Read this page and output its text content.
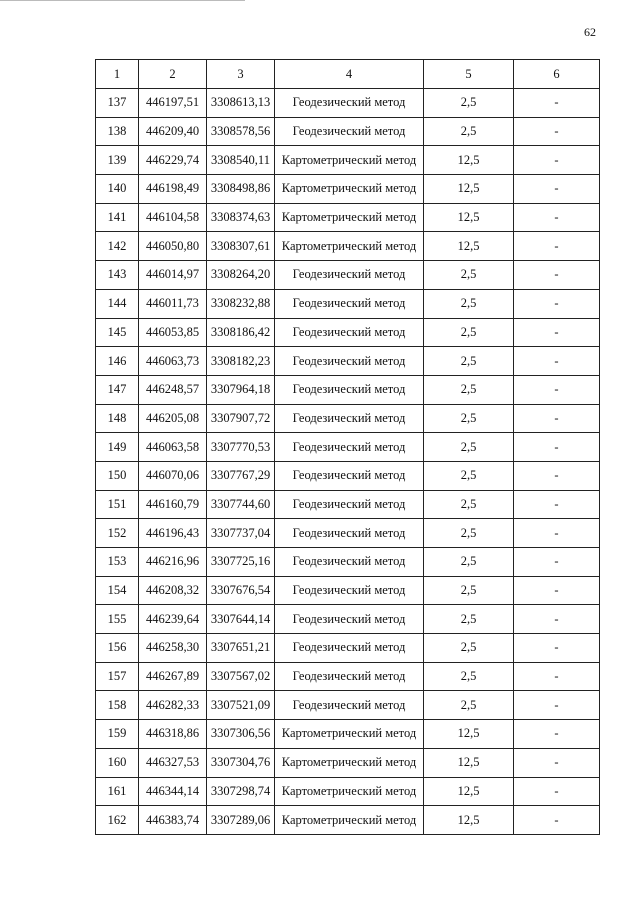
62
1	2	3	4	5	6
137	446197,51	3308613,13	Геодезический метод	2,5	-
138	446209,40	3308578,56	Геодезический метод	2,5	-
139	446229,74	3308540,11	Картометрический метод	12,5	-
140	446198,49	3308498,86	Картометрический метод	12,5	-
141	446104,58	3308374,63	Картометрический метод	12,5	-
142	446050,80	3308307,61	Картометрический метод	12,5	-
143	446014,97	3308264,20	Геодезический метод	2,5	-
144	446011,73	3308232,88	Геодезический метод	2,5	-
145	446053,85	3308186,42	Геодезический метод	2,5	-
146	446063,73	3308182,23	Геодезический метод	2,5	-
147	446248,57	3307964,18	Геодезический метод	2,5	-
148	446205,08	3307907,72	Геодезический метод	2,5	-
149	446063,58	3307770,53	Геодезический метод	2,5	-
150	446070,06	3307767,29	Геодезический метод	2,5	-
151	446160,79	3307744,60	Геодезический метод	2,5	-
152	446196,43	3307737,04	Геодезический метод	2,5	-
153	446216,96	3307725,16	Геодезический метод	2,5	-
154	446208,32	3307676,54	Геодезический метод	2,5	-
155	446239,64	3307644,14	Геодезический метод	2,5	-
156	446258,30	3307651,21	Геодезический метод	2,5	-
157	446267,89	3307567,02	Геодезический метод	2,5	-
158	446282,33	3307521,09	Геодезический метод	2,5	-
159	446318,86	3307306,56	Картометрический метод	12,5	-
160	446327,53	3307304,76	Картометрический метод	12,5	-
161	446344,14	3307298,74	Картометрический метод	12,5	-
162	446383,74	3307289,06	Картометрический метод	12,5	-
